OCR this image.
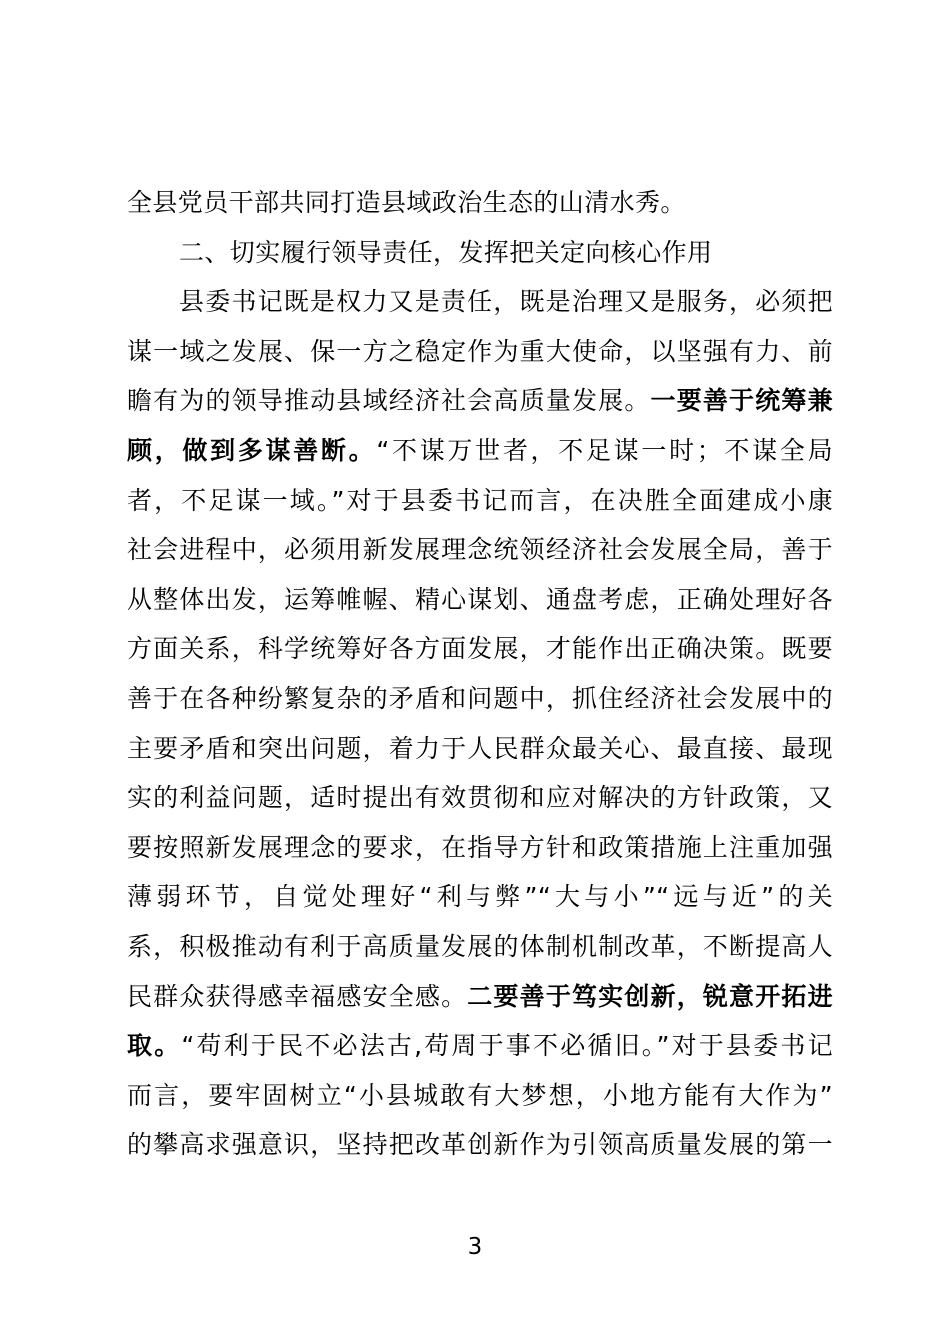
全县党员干部共同打造县域政治生态的山清水秀。
二、切实履行领导责任，发挥把关定向核心作用
县委书记既是权力又是责任，既是治理又是服务，必须把
谋一域之发展、保一方之稳定作为重大使命，以坚强有力、前
瞻有为的领导推动县域经济社会高质量发展。一要善于统筹兼
顾，做到多谋善断。“不谋万世者，不足谋一时；不谋全局
者，不足谋一域。”对于县委书记而言，在决胜全面建成小康
社会进程中，必须用新发展理念统领经济社会发展全局，善于
从整体出发，运筹帷幄、精心谋划、通盘考虑，正确处理好各
方面关系，科学统筹好各方面发展，才能作出正确决策。既要
善于在各种纷繁复杂的矛盾和问题中，抓住经济社会发展中的
主要矛盾和突出问题，着力于人民群众最关心、最直接、最现
实的利益问题，适时提出有效贯彻和应对解决的方针政策，又
要按照新发展理念的要求，在指导方针和政策措施上注重加强
薄弱环节，自觉处理好“利与弊”“大与小”“远与近”的关
系，积极推动有利于高质量发展的体制机制改革，不断提高人
民群众获得感幸福感安全感。二要善于笃实创新，锐意开拓进
取。“苟利于民不必法古,苟周于事不必循旧。”对于县委书记
而言，要牢固树立“小县城敢有大梦想，小地方能有大作为”
的攀高求强意识，坚持把改革创新作为引领高质量发展的第一
3
